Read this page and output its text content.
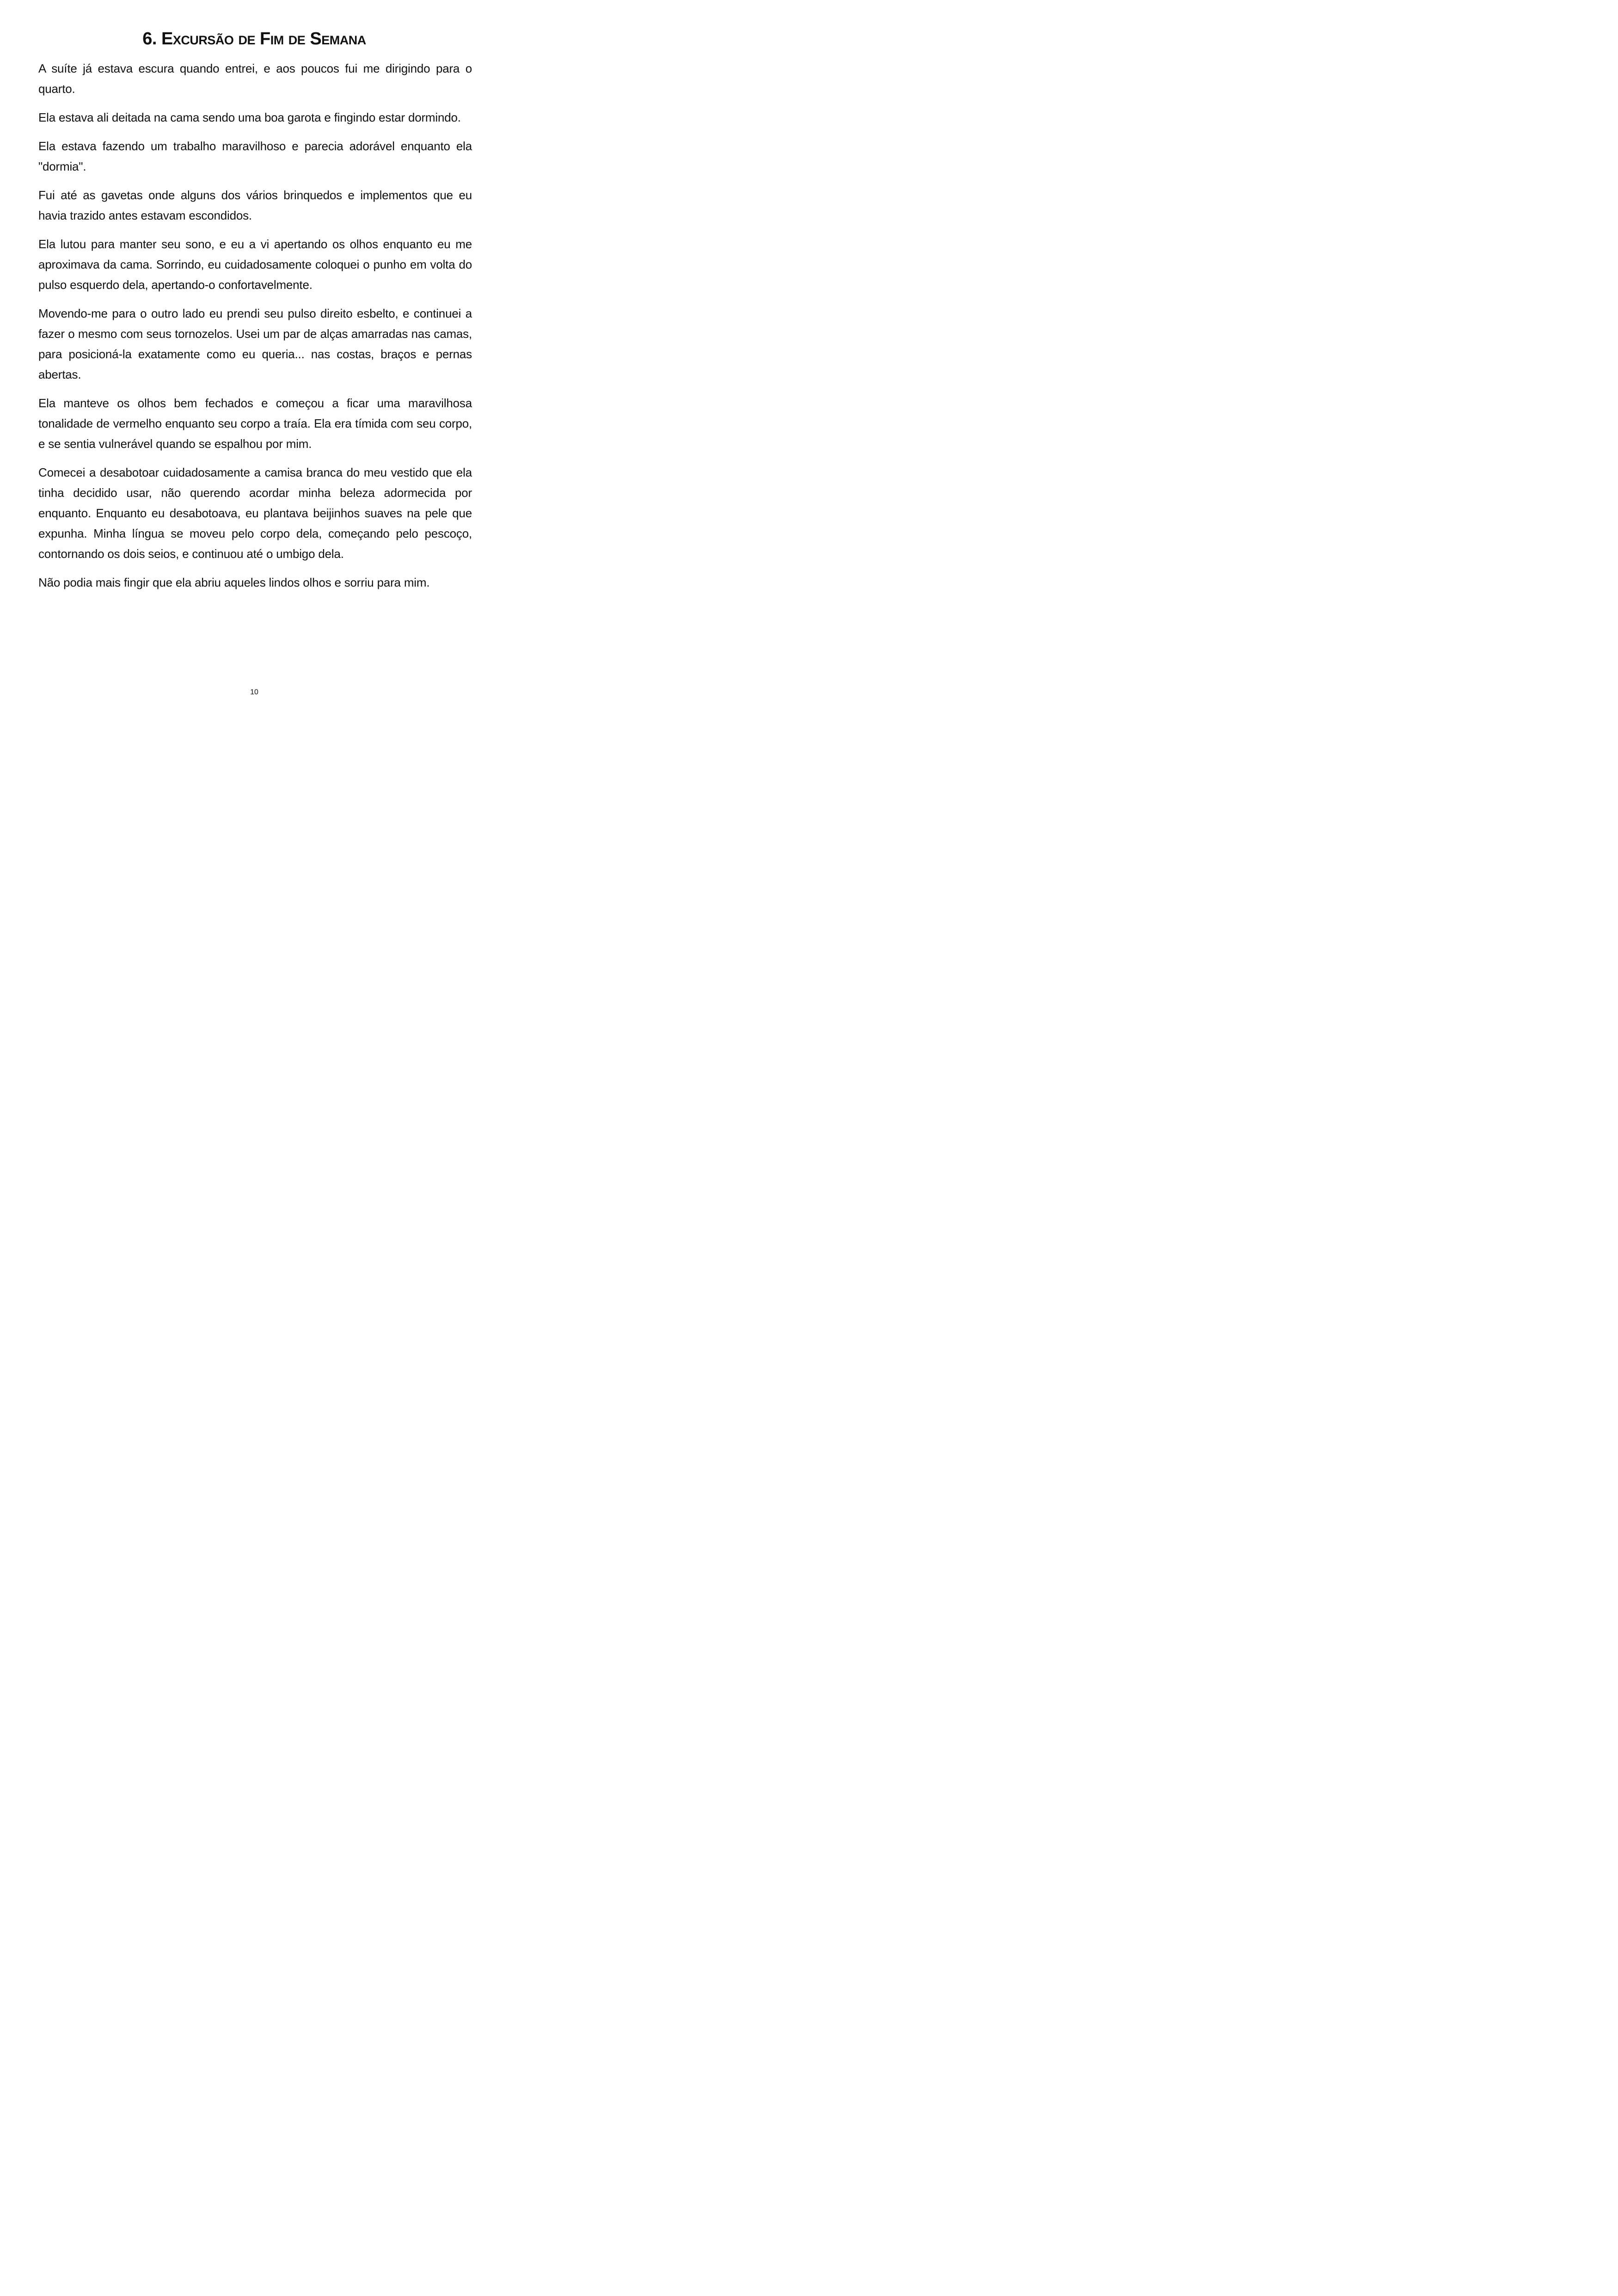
6. Excursão de Fim de Semana

A suíte já estava escura quando entrei, e aos poucos fui me dirigindo para o quarto.

Ela estava ali deitada na cama sendo uma boa garota e fingindo estar dormindo.

Ela estava fazendo um trabalho maravilhoso e parecia adorável enquanto ela "dormia".

Fui até as gavetas onde alguns dos vários brinquedos e implementos que eu havia trazido antes estavam escondidos.

Ela lutou para manter seu sono, e eu a vi apertando os olhos enquanto eu me aproximava da cama. Sorrindo, eu cuidadosamente coloquei o punho em volta do pulso esquerdo dela, apertando-o confortavelmente.

Movendo-me para o outro lado eu prendi seu pulso direito esbelto, e continuei a fazer o mesmo com seus tornozelos. Usei um par de alças amarradas nas camas, para posicioná-la exatamente como eu queria... nas costas, braços e pernas abertas.

Ela manteve os olhos bem fechados e começou a ficar uma maravilhosa tonalidade de vermelho enquanto seu corpo a traía. Ela era tímida com seu corpo, e se sentia vulnerável quando se espalhou por mim.

Comecei a desabotoar cuidadosamente a camisa branca do meu vestido que ela tinha decidido usar, não querendo acordar minha beleza adormecida por enquanto. Enquanto eu desabotoava, eu plantava beijinhos suaves na pele que expunha. Minha língua se moveu pelo corpo dela, começando pelo pescoço, contornando os dois seios, e continuou até o umbigo dela.

Não podia mais fingir que ela abriu aqueles lindos olhos e sorriu para mim.

10
